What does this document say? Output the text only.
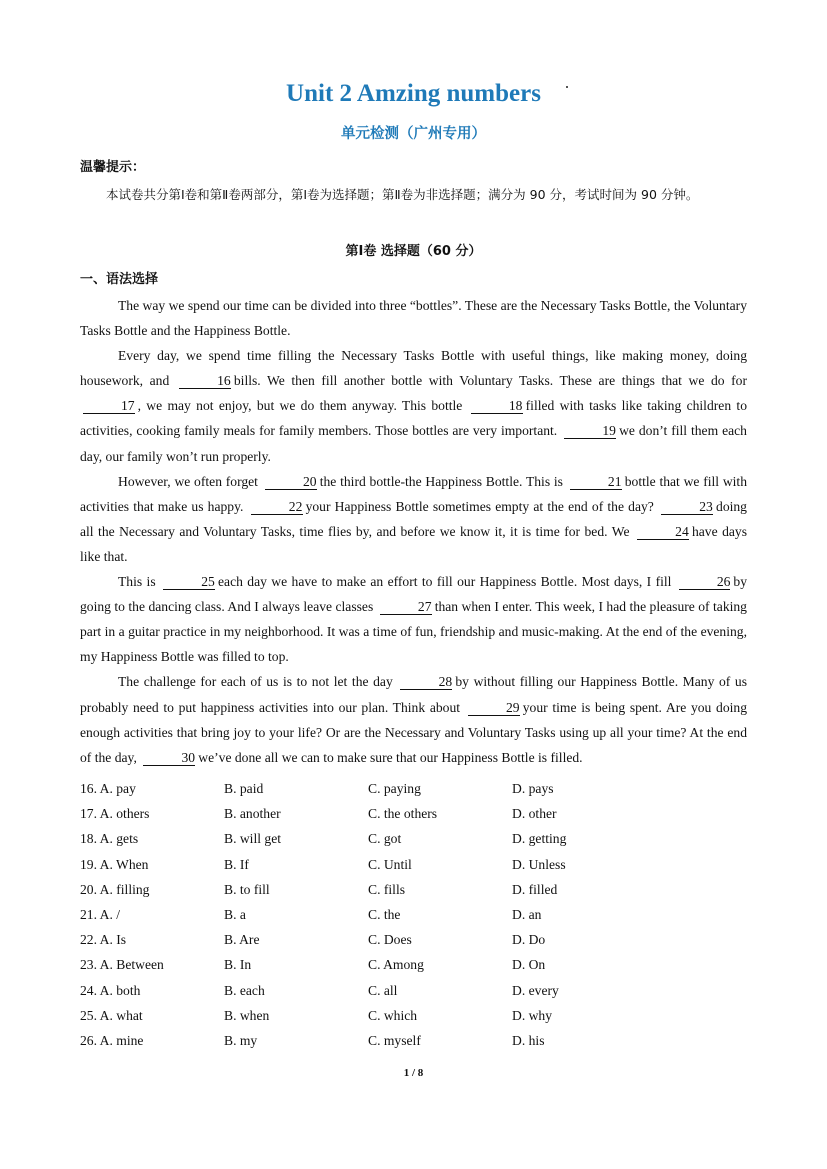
Unit 2 Amzing numbers
单元检测（广州专用）
温馨提示：
本试卷共分第Ⅰ卷和第Ⅱ卷两部分，第Ⅰ卷为选择题；第Ⅱ卷为非选择题；满分为 90 分，考试时间为 90 分钟。
第Ⅰ卷 选择题（60 分）
一、语法选择

The way we spend our time can be divided into three “bottles”. These are the Necessary Tasks Bottle, the Voluntary Tasks Bottle and the Happiness Bottle.

Every day, we spend time filling the Necessary Tasks Bottle with useful things, like making money, doing housework, and	16 bills. We then fill another bottle with Voluntary Tasks. These are things that we do for 17 , we may not enjoy, but we do them anyway. This bottle	18 filled with tasks like taking children to activities, cooking family meals for family members. Those bottles are very important.	19 we don’t fill them each day, our family won’t run properly.

However, we often forget	20 the third bottle-the Happiness Bottle. This is	21 bottle that we fill with activities that make us happy.	22 your Happiness Bottle sometimes empty at the end of the day?	23 doing all the Necessary and Voluntary Tasks, time flies by, and before we know it, it is time for bed. We	24 have days like that.

This is	25 each day we have to make an effort to fill our Happiness Bottle. Most days, I fill	26 by going to the dancing class. And I always leave classes	27 than when I enter. This week, I had the pleasure of taking part in a guitar practice in my neighborhood. It was a time of fun, friendship and music-making. At the end of the evening, my Happiness Bottle was filled to top.

The challenge for each of us is to not let the day	28 by without filling our Happiness Bottle. Many of us probably need to put happiness activities into our plan. Think about	29 your time is being spent. Are you doing enough activities that bring joy to your life? Or are the Necessary and Voluntary Tasks using up all your time? At the end of the day,	30 we’ve done all we can to make sure that our Happiness Bottle is filled.

16. A. pay	B. paid	C. paying	D. pays
17. A. others	B. another	C. the others	D. other
18. A. gets	B. will get	C. got	D. getting
19. A. When	B. If	C. Until	D. Unless
20. A. filling	B. to fill	C. fills	D. filled
21. A. /	B. a	C. the	D. an
22. A. Is	B. Are	C. Does	D. Do
23. A. Between	B. In	C. Among	D. On
24. A. both	B. each	C. all	D. every
25. A. what	B. when	C. which	D. why
26. A. mine	B. my	C. myself	D. his
1 / 8
